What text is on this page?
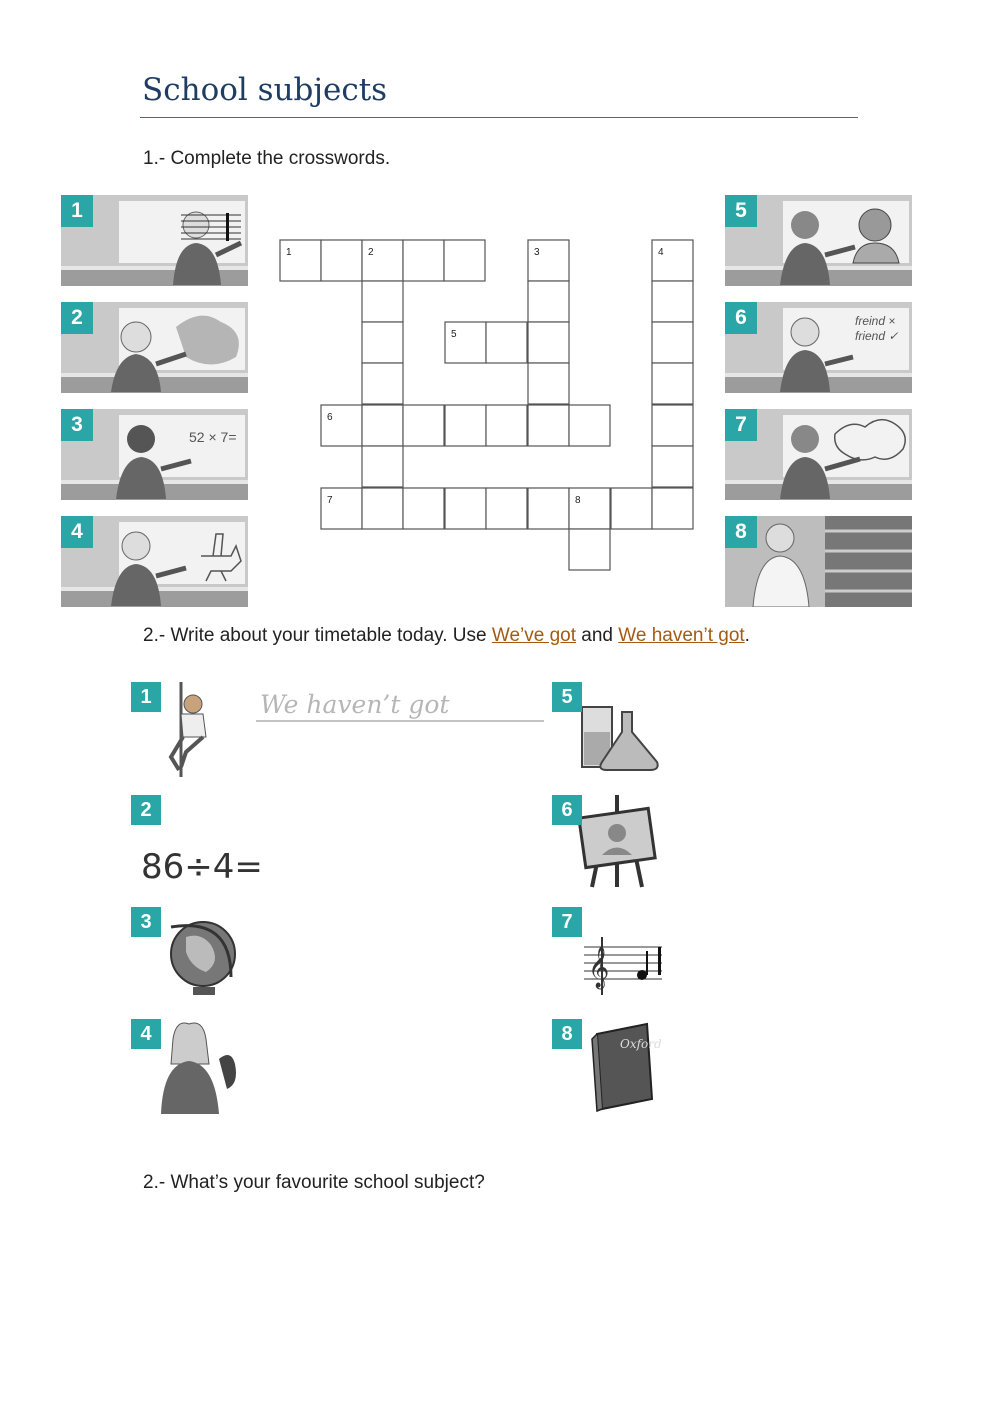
School subjects
1.- Complete the crosswords.
1
2
52 × 7=
3
4
5
freind ×
friend ✓
6
7
8
1	2	3	4
5
6
7	8
2.- Write about your timetable today. Use We’ve got and We haven’t got.
1	We haven’t got
2
86÷4=
3
4
5
6
𝄞
7
Oxford
8
2.- What’s your favourite school subject?
